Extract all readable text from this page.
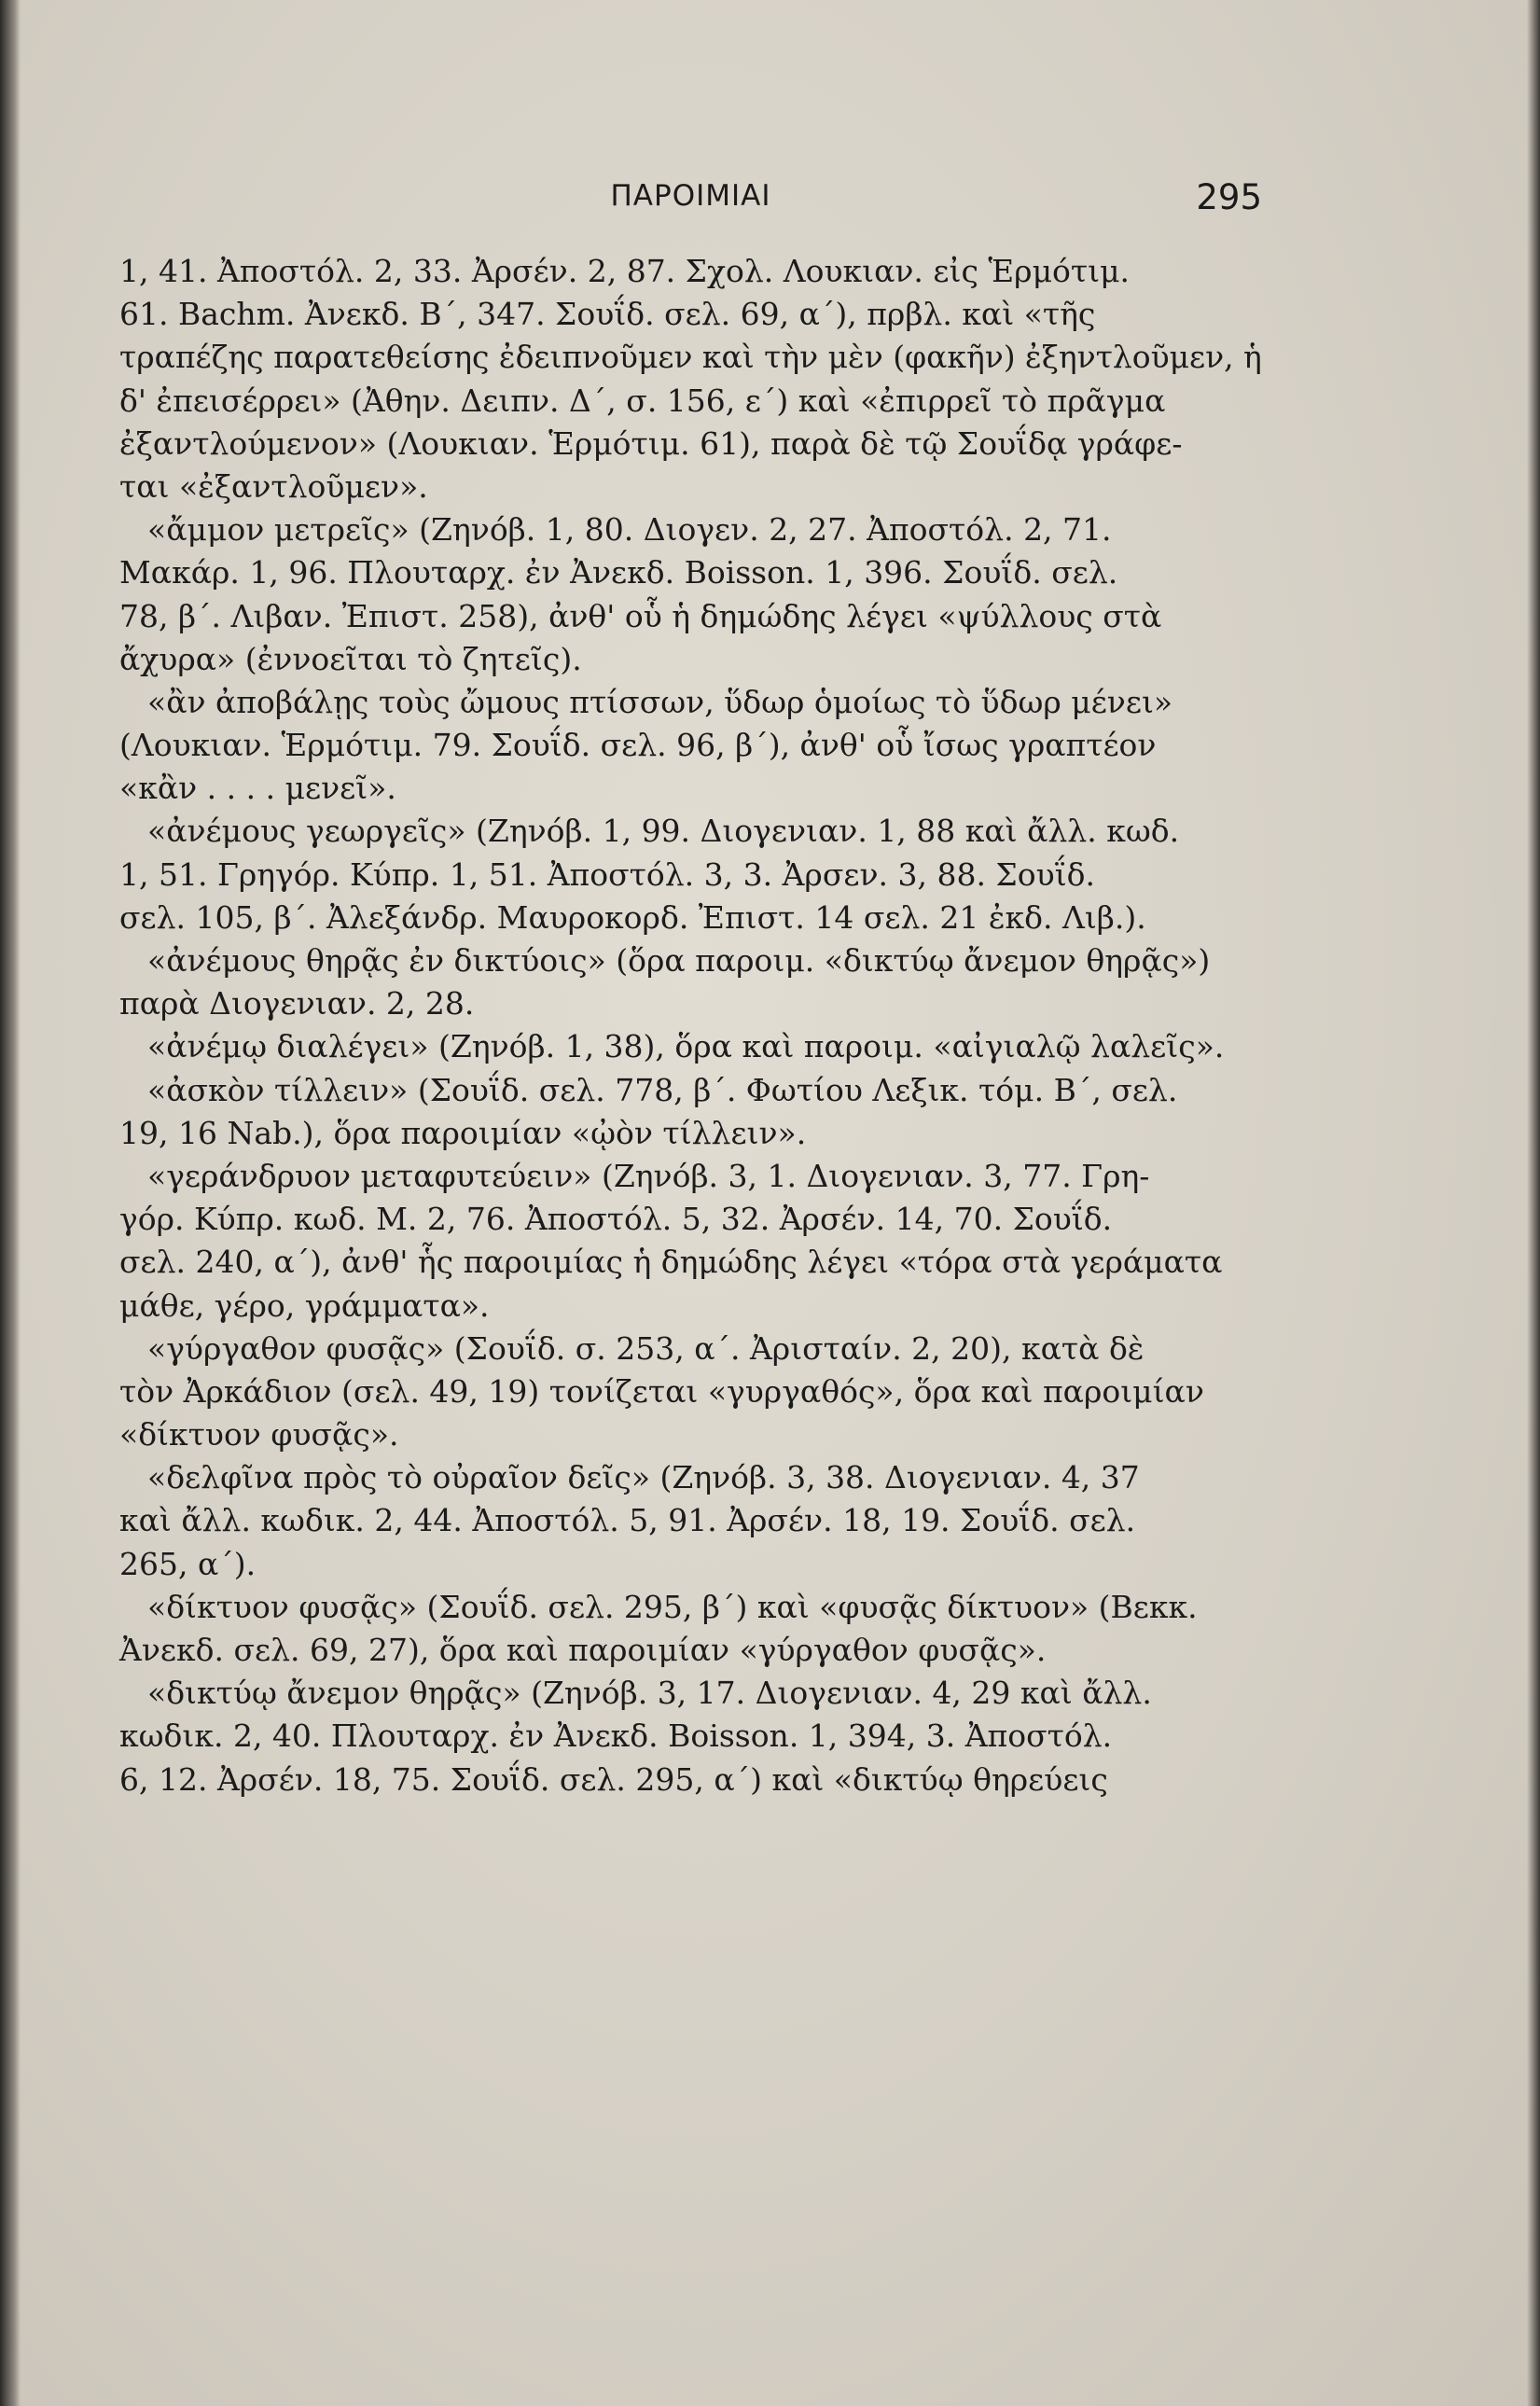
ΠΑΡΟΙΜΙΑΙ	295
1, 41. Ἀποστόλ. 2, 33. Ἀρσέν. 2, 87. Σχολ. Λουκιαν. εἰς Ἑρμότιμ.
61. Bachm. Ἀνεκδ. Β΄, 347. Σουΐδ. σελ. 69, α΄), πρβλ. καὶ «τῆς
τραπέζης παρατεθείσης ἐδειπνοῦμεν καὶ τὴν μὲν (φακῆν) ἐξηντλοῦμεν, ἡ
δ' ἐπεισέρρει» (Ἀθην. Δειπν. Δ΄, σ. 156, ε΄) καὶ «ἐπιρρεῖ τὸ πρᾶγμα
ἐξαντλούμενον» (Λουκιαν. Ἑρμότιμ. 61), παρὰ δὲ τῷ Σουΐδᾳ γράφε-
ται «ἐξαντλοῦμεν».
«ἄμμον μετρεῖς» (Ζηνόβ. 1, 80. Διογεν. 2, 27. Ἀποστόλ. 2, 71.
Μακάρ. 1, 96. Πλουταρχ. ἐν Ἀνεκδ. Boisson. 1, 396. Σουΐδ. σελ.
78, β΄. Λιβαν. Ἐπιστ. 258), ἀνθ' οὗ ἡ δημώδης λέγει «ψύλλους στὰ
ἄχυρα» (ἐννοεῖται τὸ ζητεῖς).
«ἂν ἀποβάλῃς τοὺς ὤμους πτίσσων, ὕδωρ ὁμοίως τὸ ὕδωρ μένει»
(Λουκιαν. Ἑρμότιμ. 79. Σουΐδ. σελ. 96, β΄), ἀνθ' οὗ ἴσως γραπτέον
«κἂν . . . . μενεῖ».
«ἀνέμους γεωργεῖς» (Ζηνόβ. 1, 99. Διογενιαν. 1, 88 καὶ ἄλλ. κωδ.
1, 51. Γρηγόρ. Κύπρ. 1, 51. Ἀποστόλ. 3, 3. Ἀρσεν. 3, 88. Σουΐδ.
σελ. 105, β΄. Ἀλεξάνδρ. Μαυροκορδ. Ἐπιστ. 14 σελ. 21 ἐκδ. Λιβ.).
«ἀνέμους θηρᾷς ἐν δικτύοις» (ὅρα παροιμ. «δικτύῳ ἄνεμον θηρᾷς»)
παρὰ Διογενιαν. 2, 28.
«ἀνέμῳ διαλέγει» (Ζηνόβ. 1, 38), ὅρα καὶ παροιμ. «αἰγιαλῷ λαλεῖς».
«ἀσκὸν τίλλειν» (Σουΐδ. σελ. 778, β΄. Φωτίου Λεξικ. τόμ. Β΄, σελ.
19, 16 Nab.), ὅρα παροιμίαν «ᾠὸν τίλλειν».
«γεράνδρυον μεταφυτεύειν» (Ζηνόβ. 3, 1. Διογενιαν. 3, 77. Γρη-
γόρ. Κύπρ. κωδ. Μ. 2, 76. Ἀποστόλ. 5, 32. Ἀρσέν. 14, 70. Σουΐδ.
σελ. 240, α΄), ἀνθ' ἧς παροιμίας ἡ δημώδης λέγει «τόρα στὰ γεράματα
μάθε, γέρο, γράμματα».
«γύργαθον φυσᾷς» (Σουΐδ. σ. 253, α΄. Ἀρισταίν. 2, 20), κατὰ δὲ
τὸν Ἀρκάδιον (σελ. 49, 19) τονίζεται «γυργαθός», ὅρα καὶ παροιμίαν
«δίκτυον φυσᾷς».
«δελφῖνα πρὸς τὸ οὐραῖον δεῖς» (Ζηνόβ. 3, 38. Διογενιαν. 4, 37
καὶ ἄλλ. κωδικ. 2, 44. Ἀποστόλ. 5, 91. Ἀρσέν. 18, 19. Σουΐδ. σελ.
265, α΄).
«δίκτυον φυσᾷς» (Σουΐδ. σελ. 295, β΄) καὶ «φυσᾷς δίκτυον» (Βεκκ.
Ἀνεκδ. σελ. 69, 27), ὅρα καὶ παροιμίαν «γύργαθον φυσᾷς».
«δικτύῳ ἄνεμον θηρᾷς» (Ζηνόβ. 3, 17. Διογενιαν. 4, 29 καὶ ἄλλ.
κωδικ. 2, 40. Πλουταρχ. ἐν Ἀνεκδ. Boisson. 1, 394, 3. Ἀποστόλ.
6, 12. Ἀρσέν. 18, 75. Σουΐδ. σελ. 295, α΄) καὶ «δικτύῳ θηρεύεις
